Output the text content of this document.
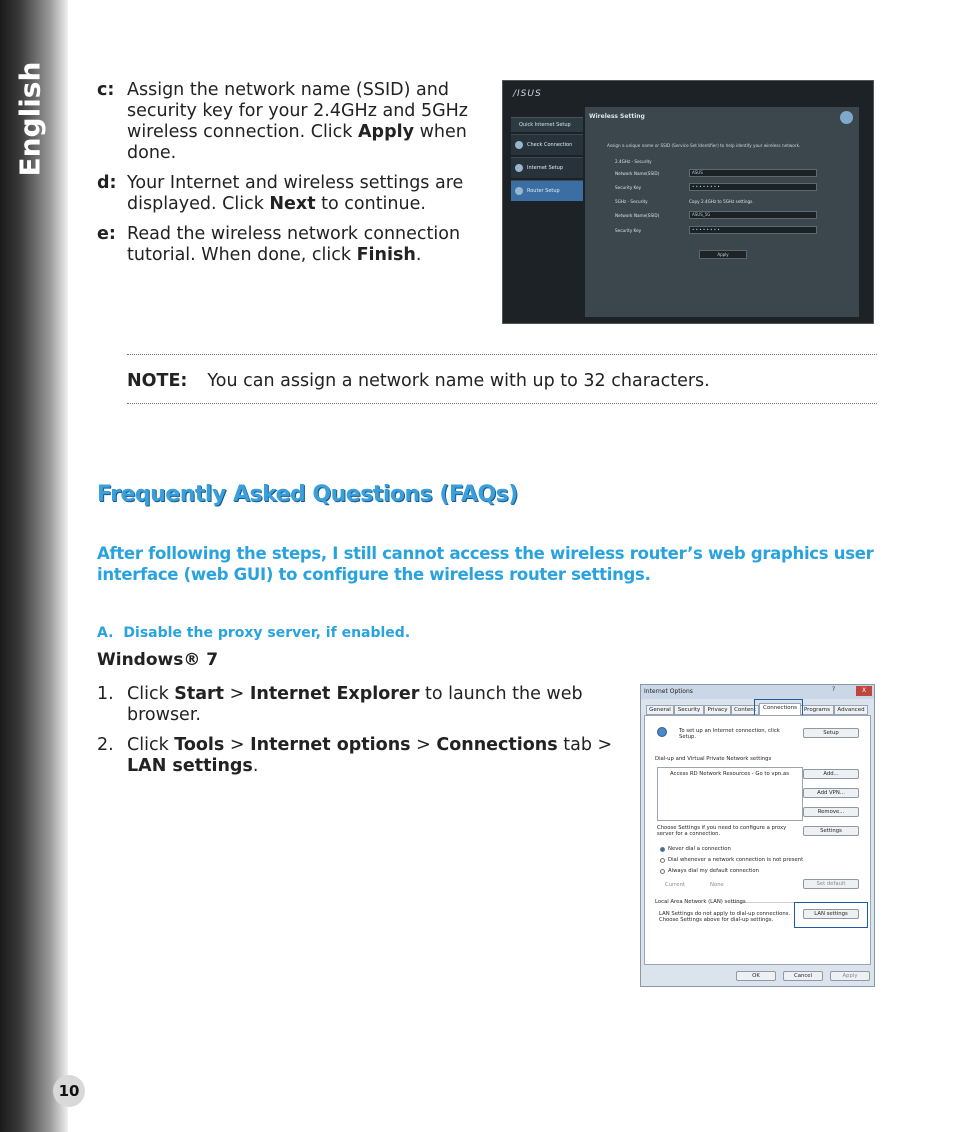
English
10
c: Assign the network name (SSID) and security key for your 2.4GHz and 5GHz wireless connection. Click Apply when done.
d: Your Internet and wireless settings are displayed. Click Next to continue.
e: Read the wireless network connection tutorial. When done, click Finish.
/ISUS
Quick Internet Setup
Check Connection
Internet Setup
Router Setup
Wireless Setting
Assign a unique name or SSID (Service Set Identifier) to help identify your wireless network.
2.4GHz - Security
Network Name(SSID)	ASUS
Security Key	• • • • • • • •
5GHz - Security	Copy 2.4GHz to 5GHz settings.
Network Name(SSID)	ASUS_5G
Security Key	• • • • • • • •
Apply
NOTE: You can assign a network name with up to 32 characters.
Frequently Asked Questions (FAQs)
After following the steps, I still cannot access the wireless router’s web graphics user interface (web GUI) to configure the wireless router settings.
A. Disable the proxy server, if enabled.
Windows® 7
1. Click Start > Internet Explorer to launch the web browser.
2. Click Tools > Internet options > Connections tab > LAN settings.
Internet Options	?	X
General	Security	Privacy	Content	Programs	Advanced
Connections
To set up an Internet connection, click Setup.
Setup
Dial-up and Virtual Private Network settings
Access RD Network Resources - Go to vpn.as	Add...
Add VPN...
Remove...
Choose Settings if you need to configure a proxy server for a connection.	Settings
Never dial a connection
Dial whenever a network connection is not present
Always dial my default connection
Current	None	Set default
Local Area Network (LAN) settings
LAN Settings do not apply to dial-up connections. Choose Settings above for dial-up settings.
LAN settings
OK	Cancel	Apply
